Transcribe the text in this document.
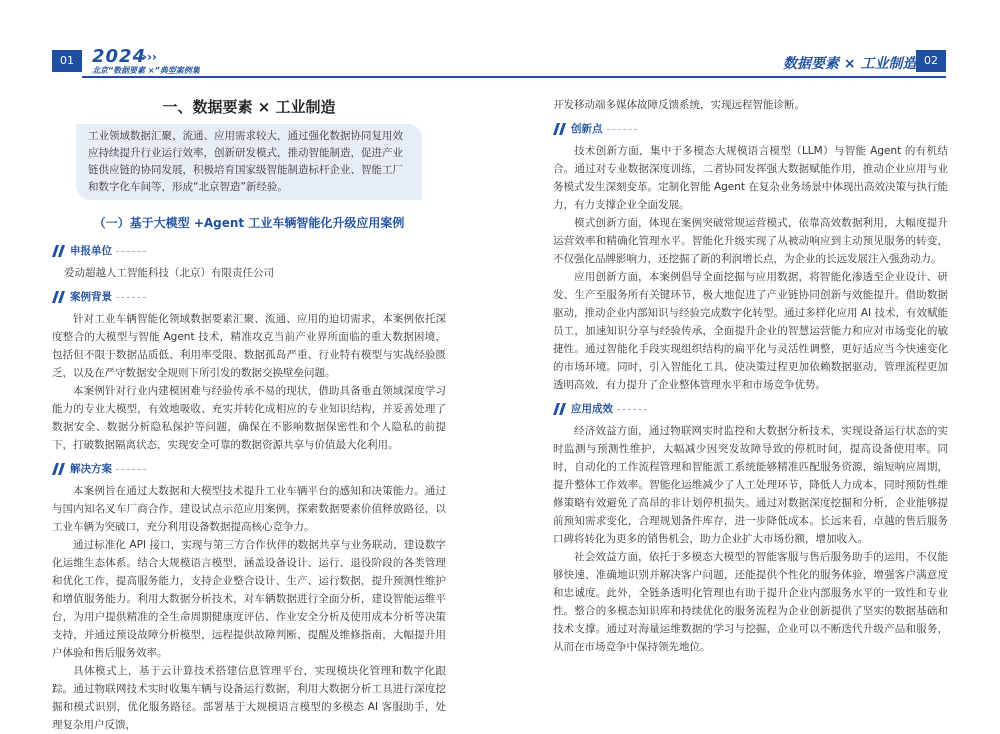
01	2024
›››
北京“数据要素 ×”典型案例集	数据要素 × 工业制造 02
一、数据要素 × 工业制造
工业领域数据汇聚、流通、应用需求较大，通过强化数据协同复用效应持续提升行业运行效率，创新研发模式，推动智能制造，促进产业链供应链的协同发展，积极培育国家级智能制造标杆企业、智能工厂和数字化车间等，形成“北京智造”新经验。
（一）基于大模型 +Agent 工业车辆智能化升级应用案例
申报单位

爱动超越人工智能科技（北京）有限责任公司

案例背景

针对工业车辆智能化领域数据要素汇聚、流通、应用的迫切需求，本案例依托深度整合的大模型与智能 Agent 技术，精准攻克当前产业界所面临的重大数据困境，包括但不限于数据品质低、利用率受限、数据孤岛严重、行业特有模型与实战经验匮乏，以及在严守数据安全规则下所引发的数据交换壁垒问题。

本案例针对行业内建模困难与经验传承不易的现状，借助具备垂直领域深度学习能力的专业大模型，有效地吸收、充实并转化成相应的专业知识结构，并妥善处理了数据安全、数据分析隐私保护等问题，确保在不影响数据保密性和个人隐私的前提下，打破数据隔离状态，实现安全可靠的数据资源共享与价值最大化利用。

解决方案

本案例旨在通过大数据和大模型技术提升工业车辆平台的感知和决策能力。通过与国内知名叉车厂商合作，建设试点示范应用案例，探索数据要素价值释放路径，以工业车辆为突破口，充分利用设备数据提高核心竞争力。

通过标准化 API 接口，实现与第三方合作伙伴的数据共享与业务联动，建设数字化运维生态体系。结合大规模语言模型，涵盖设备设计、运行、退役阶段的各类管理和优化工作，提高服务能力，支持企业整合设计、生产、运行数据，提升预测性维护和增值服务能力。利用大数据分析技术，对车辆数据进行全面分析，建设智能运维平台，为用户提供精准的全生命周期健康度评估、作业安全分析及使用成本分析等决策支持，并通过预设故障分析模型，远程提供故障判断、提醒及维修指南，大幅提升用户体验和售后服务效率。

具体模式上，基于云计算技术搭建信息管理平台，实现模块化管理和数字化跟踪。通过物联网技术实时收集车辆与设备运行数据，利用大数据分析工具进行深度挖掘和模式识别，优化服务路径。部署基于大规模语言模型的多模态 AI 客服助手，处理复杂用户反馈，

开发移动端多媒体故障反馈系统，实现远程智能诊断。

创新点

技术创新方面，集中于多模态大规模语言模型（LLM）与智能 Agent 的有机结合。通过对专业数据深度训练，二者协同发挥强大数据赋能作用，推动企业应用与业务模式发生深刻变革。定制化智能 Agent 在复杂业务场景中体现出高效决策与执行能力，有力支撑企业全面发展。

模式创新方面，体现在案例突破常规运营模式，依靠高效数据利用，大幅度提升运营效率和精确化管理水平。智能化升级实现了从被动响应到主动预见服务的转变，不仅强化品牌影响力，还挖掘了新的利润增长点，为企业的长远发展注入强劲动力。

应用创新方面，本案例倡导全面挖掘与应用数据，将智能化渗透至企业设计、研发、生产至服务所有关键环节，极大地促进了产业链协同创新与效能提升。借助数据驱动，推动企业内部知识与经验完成数字化转型。通过多样化应用 AI 技术，有效赋能员工，加速知识分享与经验传承，全面提升企业的智慧运营能力和应对市场变化的敏捷性。通过智能化手段实现组织结构的扁平化与灵活性调整，更好适应当今快速变化的市场环境。同时，引入智能化工具，使决策过程更加依赖数据驱动，管理流程更加透明高效，有力提升了企业整体管理水平和市场竞争优势。

应用成效

经济效益方面，通过物联网实时监控和大数据分析技术，实现设备运行状态的实时监测与预测性维护，大幅减少因突发故障导致的停机时间，提高设备使用率。同时，自动化的工作流程管理和智能派工系统能够精准匹配服务资源，缩短响应周期，提升整体工作效率。智能化运维减少了人工处理环节，降低人力成本，同时预防性维修策略有效避免了高昂的非计划停机损失。通过对数据深度挖掘和分析，企业能够提前预知需求变化，合理规划备件库存，进一步降低成本。长远来看，卓越的售后服务口碑将转化为更多的销售机会，助力企业扩大市场份额，增加收入。

社会效益方面，依托于多模态大模型的智能客服与售后服务助手的运用，不仅能够快速、准确地识别并解决客户问题，还能提供个性化的服务体验，增强客户满意度和忠诚度。此外，全链条透明化管理也有助于提升企业内部服务水平的一致性和专业性。整合的多模态知识库和持续优化的服务流程为企业创新提供了坚实的数据基础和技术支撑。通过对海量运维数据的学习与挖掘，企业可以不断迭代升级产品和服务，从而在市场竞争中保持领先地位。
